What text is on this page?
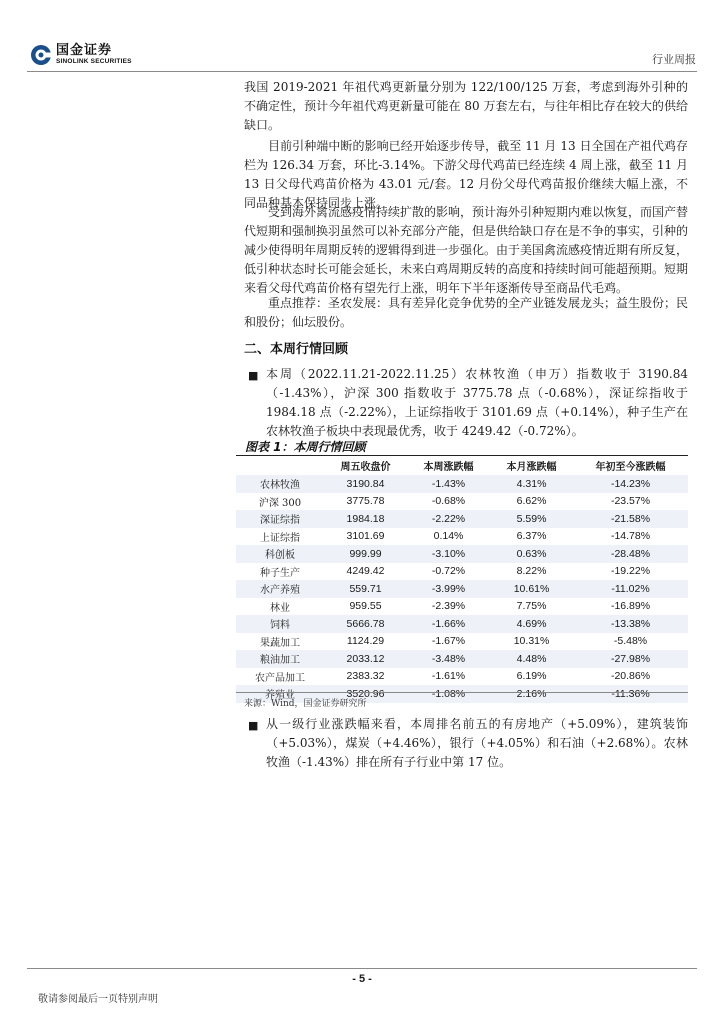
国金证券
SINOLINK SECURITIES	行业周报

我国 2019-2021 年祖代鸡更新量分别为 122/100/125 万套，考虑到海外引种的不确定性，预计今年祖代鸡更新量可能在 80 万套左右，与往年相比存在较大的供给缺口。

目前引种端中断的影响已经开始逐步传导，截至 11 月 13 日全国在产祖代鸡存栏为 126.34 万套，环比-3.14%。下游父母代鸡苗已经连续 4 周上涨，截至 11 月 13 日父母代鸡苗价格为 43.01 元/套。12 月份父母代鸡苗报价继续大幅上涨，不同品种基本保持同步上涨。

受到海外禽流感疫情持续扩散的影响，预计海外引种短期内难以恢复，而国产替代短期和强制换羽虽然可以补充部分产能，但是供给缺口存在是不争的事实，引种的减少使得明年周期反转的逻辑得到进一步强化。由于美国禽流感疫情近期有所反复，低引种状态时长可能会延长，未来白鸡周期反转的高度和持续时间可能超预期。短期来看父母代鸡苗价格有望先行上涨，明年下半年逐渐传导至商品代毛鸡。

重点推荐：圣农发展：具有差异化竞争优势的全产业链发展龙头；益生股份；民和股份；仙坛股份。

二、本周行情回顾
■ 本周（2022.11.21-2022.11.25）农林牧渔（申万）指数收于 3190.84（-1.43%），沪深 300 指数收于 3775.78 点（-0.68%），深证综指收于 1984.18 点（-2.22%），上证综指收于 3101.69 点（+0.14%），种子生产在农林牧渔子板块中表现最优秀，收于 4249.42（-0.72%）。

图表 1：本周行情回顾
	周五收盘价	本周涨跌幅	本月涨跌幅	年初至今涨跌幅
农林牧渔	3190.84	-1.43%	4.31%	-14.23%
沪深 300	3775.78	-0.68%	6.62%	-23.57%
深证综指	1984.18	-2.22%	5.59%	-21.58%
上证综指	3101.69	0.14%	6.37%	-14.78%
科创板	999.99	-3.10%	0.63%	-28.48%
种子生产	4249.42	-0.72%	8.22%	-19.22%
水产养殖	559.71	-3.99%	10.61%	-11.02%
林业	959.55	-2.39%	7.75%	-16.89%
饲料	5666.78	-1.66%	4.69%	-13.38%
果蔬加工	1124.29	-1.67%	10.31%	-5.48%
粮油加工	2033.12	-3.48%	4.48%	-27.98%
农产品加工	2383.32	-1.61%	6.19%	-20.86%
养殖业	3520.96	-1.08%	2.16%	-11.36%
来源：Wind，国金证券研究所
■ 从一级行业涨跌幅来看，本周排名前五的有房地产（+5.09%），建筑装饰（+5.03%），煤炭（+4.46%），银行（+4.05%）和石油（+2.68%）。农林牧渔（-1.43%）排在所有子行业中第 17 位。

- 5 -
敬请参阅最后一页特别声明
